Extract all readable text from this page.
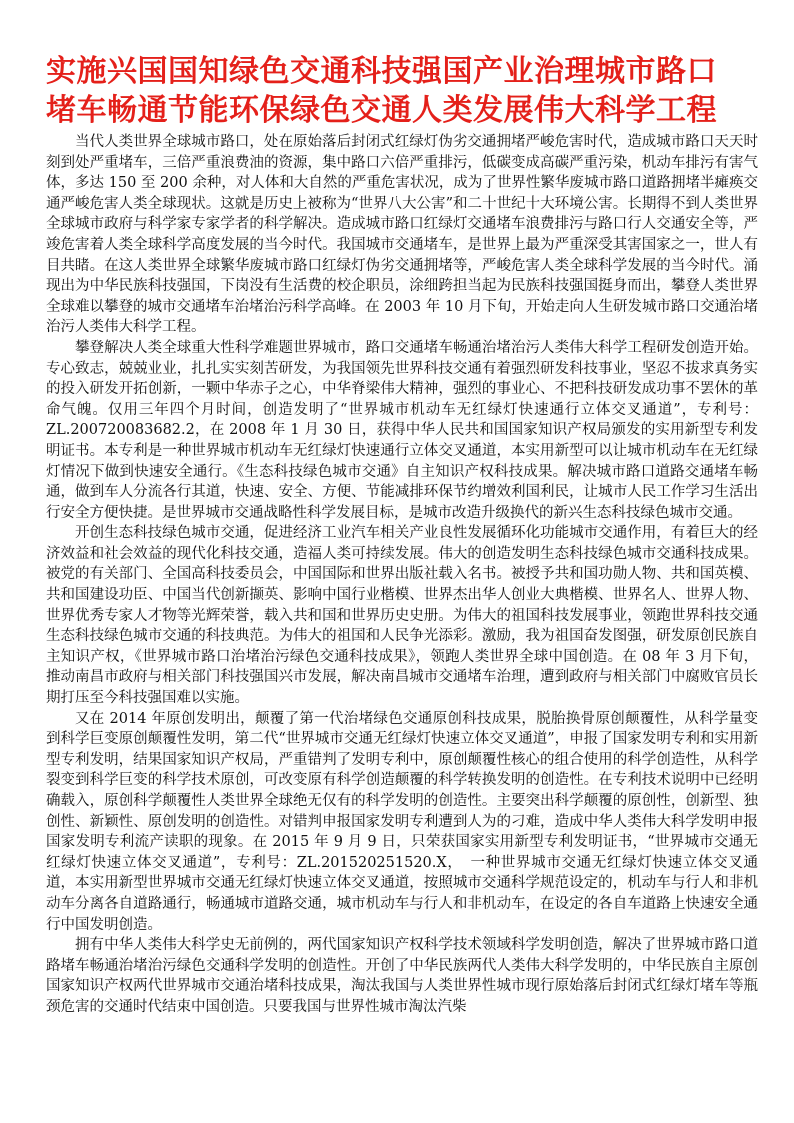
实施兴国国知绿色交通科技强国产业治理城市路口
堵车畅通节能环保绿色交通人类发展伟大科学工程

当代人类世界全球城市路口，处在原始落后封闭式红绿灯伪劣交通拥堵严峻危害时代，造成城市路口天天时刻到处严重堵车，三倍严重浪费油的资源，集中路口六倍严重排污，低碳变成高碳严重污染，机动车排污有害气体，多达 150 至 200 余种，对人体和大自然的严重危害状况，成为了世界性繁华废城市路口道路拥堵半瘫痪交通严峻危害人类全球现状。这就是历史上被称为“世界八大公害”和二十世纪十大环境公害。长期得不到人类世界全球城市政府与科学家专家学者的科学解决。造成城市路口红绿灯交通堵车浪费排污与路口行人交通安全等，严竣危害着人类全球科学高度发展的当今时代。我国城市交通堵车，是世界上最为严重深受其害国家之一，世人有目共睹。在这人类世界全球繁华废城市路口红绿灯伪劣交通拥堵等，严峻危害人类全球科学发展的当今时代。涌现出为中华民族科技强国，下岗没有生活费的校企职员，涂细跨担当起为民族科技强国挺身而出，攀登人类世界全球难以攀登的城市交通堵车治堵治污科学高峰。在 2003 年 10 月下旬，开始走向人生研发城市路口交通治堵治污人类伟大科学工程。

攀登解决人类全球重大性科学难题世界城市，路口交通堵车畅通治堵治污人类伟大科学工程研发创造开始。专心致志，兢兢业业，扎扎实实刻苦研发，为我国领先世界科技交通有着强烈研发科技事业，坚忍不拔求真务实的投入研发开拓创新，一颗中华赤子之心，中华脊梁伟大精神，强烈的事业心、不把科技研发成功事不罢休的革命气魄。仅用三年四个月时间，创造发明了“世界城市机动车无红绿灯快速通行立体交叉通道”，专利号：ZL.200720083682.2，在 2008 年 1 月 30 日，获得中华人民共和国国家知识产权局颁发的实用新型专利发明证书。本专利是一种世界城市机动车无红绿灯快速通行立体交叉通道，本实用新型可以让城市机动车在无红绿灯情况下做到快速安全通行。《生态科技绿色城市交通》自主知识产权科技成果。解决城市路口道路交通堵车畅通，做到车人分流各行其道，快速、安全、方便、节能减排环保节约增效利国利民，让城市人民工作学习生活出行安全方便快捷。是世界城市交通战略性科学发展目标，是城市改造升级换代的新兴生态科技绿色城市交通。

开创生态科技绿色城市交通，促进经济工业汽车相关产业良性发展循环化功能城市交通作用，有着巨大的经济效益和社会效益的现代化科技交通，造福人类可持续发展。伟大的创造发明生态科技绿色城市交通科技成果。被党的有关部门、全国高科技委员会，中国国际和世界出版社载入名书。被授予共和国功勋人物、共和国英模、共和国建设功臣、中国当代创新撷英、影响中国行业楷模、世界杰出华人创业大典楷模、世界名人、世界人物、世界优秀专家人才物等光辉荣誉，载入共和国和世界历史史册。为伟大的祖国科技发展事业，领跑世界科技交通生态科技绿色城市交通的科技典范。为伟大的祖国和人民争光添彩。激励，我为祖国奋发图强，研发原创民族自主知识产权，《世界城市路口治堵治污绿色交通科技成果》，领跑人类世界全球中国创造。在 08 年 3 月下旬，推动南昌市政府与相关部门科技强国兴市发展，解决南昌城市交通堵车治理，遭到政府与相关部门中腐败官员长期打压至今科技强国难以实施。

又在 2014 年原创发明出，颠覆了第一代治堵绿色交通原创科技成果，脱胎换骨原创颠覆性，从科学量变到科学巨变原创颠覆性发明，第二代“世界城市交通无红绿灯快速立体交叉通道”，申报了国家发明专利和实用新型专利发明，结果国家知识产权局，严重错判了发明专利中，原创颠覆性核心的组合使用的科学创造性，从科学裂变到科学巨变的科学技术原创，可改变原有科学创造颠覆的科学转换发明的创造性。在专利技术说明中已经明确载入，原创科学颠覆性人类世界全球绝无仅有的科学发明的创造性。主要突出科学颠覆的原创性，创新型、独创性、新颖性、原创发明的创造性。对错判申报国家发明专利遭到人为的刁难，造成中华人类伟大科学发明申报国家发明专利流产读职的现象。在 2015 年 9 月 9 日，只荣获国家实用新型专利发明证书，“世界城市交通无红绿灯快速立体交叉通道”，专利号：ZL.201520251520.X，　一种世界城市交通无红绿灯快速立体交叉通道，本实用新型世界城市交通无红绿灯快速立体交叉通道，按照城市交通科学规范设定的，机动车与行人和非机动车分离各自道路通行，畅通城市道路交通，城市机动车与行人和非机动车，在设定的各自车道路上快速安全通行中国发明创造。

拥有中华人类伟大科学史无前例的，两代国家知识产权科学技术领域科学发明创造，解决了世界城市路口道路堵车畅通治堵治污绿色交通科学发明的创造性。开创了中华民族两代人类伟大科学发明的，中华民族自主原创国家知识产权两代世界城市交通治堵科技成果，淘汰我国与人类世界性城市现行原始落后封闭式红绿灯堵车等瓶颈危害的交通时代结束中国创造。只要我国与世界性城市淘汰汽柴
